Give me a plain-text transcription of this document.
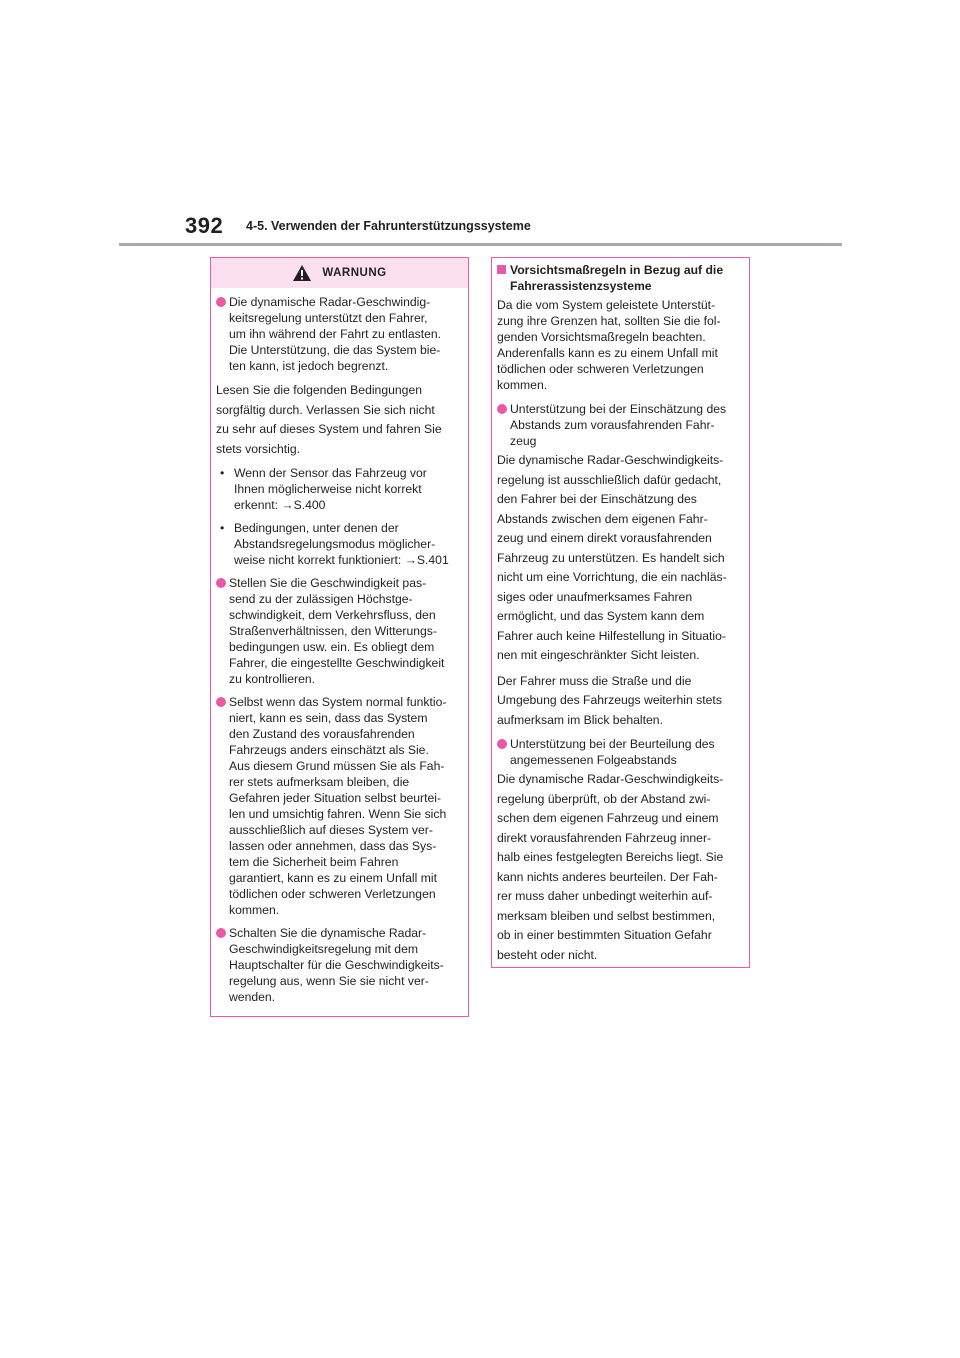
392 4-5. Verwenden der Fahrunterstützungssysteme
WARNUNG
Die dynamische Radar-Geschwindig-
keitsregelung unterstützt den Fahrer,
um ihn während der Fahrt zu entlasten.
Die Unterstützung, die das System bie-
ten kann, ist jedoch begrenzt.
Lesen Sie die folgenden Bedingungen
sorgfältig durch. Verlassen Sie sich nicht
zu sehr auf dieses System und fahren Sie
stets vorsichtig.
• Wenn der Sensor das Fahrzeug vor
Ihnen möglicherweise nicht korrekt
erkennt: →S.400
• Bedingungen, unter denen der
Abstandsregelungsmodus möglicher-
weise nicht korrekt funktioniert: →S.401
Stellen Sie die Geschwindigkeit pas-
send zu der zulässigen Höchstge-
schwindigkeit, dem Verkehrsfluss, den
Straßenverhältnissen, den Witterungs-
bedingungen usw. ein. Es obliegt dem
Fahrer, die eingestellte Geschwindigkeit
zu kontrollieren.
Selbst wenn das System normal funktio-
niert, kann es sein, dass das System
den Zustand des vorausfahrenden
Fahrzeugs anders einschätzt als Sie.
Aus diesem Grund müssen Sie als Fah-
rer stets aufmerksam bleiben, die
Gefahren jeder Situation selbst beurtei-
len und umsichtig fahren. Wenn Sie sich
ausschließlich auf dieses System ver-
lassen oder annehmen, dass das Sys-
tem die Sicherheit beim Fahren
garantiert, kann es zu einem Unfall mit
tödlichen oder schweren Verletzungen
kommen.
Schalten Sie die dynamische Radar-
Geschwindigkeitsregelung mit dem
Hauptschalter für die Geschwindigkeits-
regelung aus, wenn Sie sie nicht ver-
wenden.
Vorsichtsmaßregeln in Bezug auf die
Fahrerassistenzsysteme
Da die vom System geleistete Unterstüt-
zung ihre Grenzen hat, sollten Sie die fol-
genden Vorsichtsmaßregeln beachten.
Anderenfalls kann es zu einem Unfall mit
tödlichen oder schweren Verletzungen
kommen.
Unterstützung bei der Einschätzung des
Abstands zum vorausfahrenden Fahr-
zeug
Die dynamische Radar-Geschwindigkeits-
regelung ist ausschließlich dafür gedacht,
den Fahrer bei der Einschätzung des
Abstands zwischen dem eigenen Fahr-
zeug und einem direkt vorausfahrenden
Fahrzeug zu unterstützen. Es handelt sich
nicht um eine Vorrichtung, die ein nachläs-
siges oder unaufmerksames Fahren
ermöglicht, und das System kann dem
Fahrer auch keine Hilfestellung in Situatio-
nen mit eingeschränkter Sicht leisten.
Der Fahrer muss die Straße und die
Umgebung des Fahrzeugs weiterhin stets
aufmerksam im Blick behalten.
Unterstützung bei der Beurteilung des
angemessenen Folgeabstands
Die dynamische Radar-Geschwindigkeits-
regelung überprüft, ob der Abstand zwi-
schen dem eigenen Fahrzeug und einem
direkt vorausfahrenden Fahrzeug inner-
halb eines festgelegten Bereichs liegt. Sie
kann nichts anderes beurteilen. Der Fah-
rer muss daher unbedingt weiterhin auf-
merksam bleiben und selbst bestimmen,
ob in einer bestimmten Situation Gefahr
besteht oder nicht.
